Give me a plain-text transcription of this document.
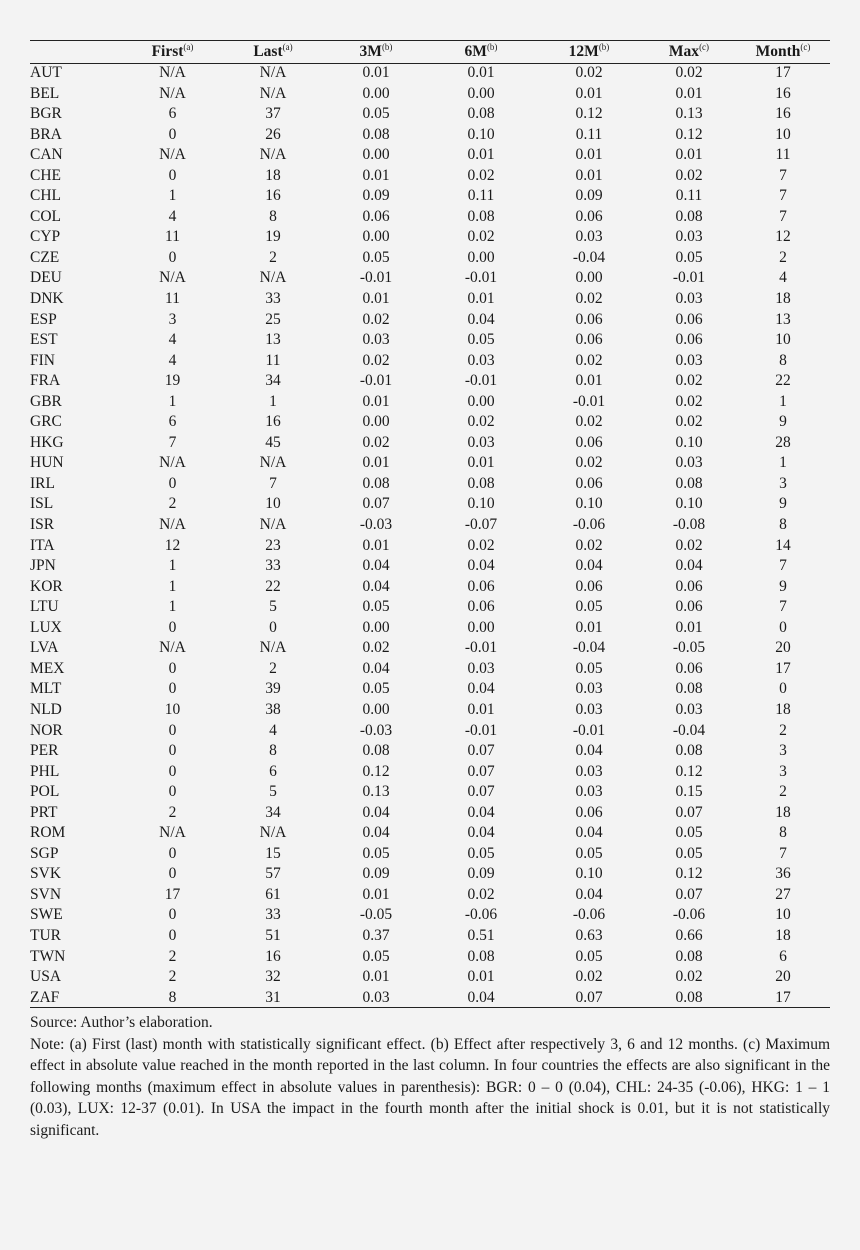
	First$^{(a)}$	Last$^{(a)}$	$3M^{(b)}$	$6M^{(b)}$	$12M^{(b)}$	Max$^{(c)}$	Month$^{(c)}$
AUT	N/A	N/A	0.01	0.01	0.02	0.02	17
BEL	N/A	N/A	0.00	0.00	0.01	0.01	16
BGR	6	37	0.05	0.08	0.12	0.13	16
BRA	0	26	0.08	0.10	0.11	0.12	10
CAN	N/A	N/A	0.00	0.01	0.01	0.01	11
CHE	0	18	0.01	0.02	0.01	0.02	7
CHL	1	16	0.09	0.11	0.09	0.11	7
COL	4	8	0.06	0.08	0.06	0.08	7
CYP	11	19	0.00	0.02	0.03	0.03	12
CZE	0	2	0.05	0.00	-0.04	0.05	2
DEU	N/A	N/A	-0.01	-0.01	0.00	-0.01	4
DNK	11	33	0.01	0.01	0.02	0.03	18
ESP	3	25	0.02	0.04	0.06	0.06	13
EST	4	13	0.03	0.05	0.06	0.06	10
FIN	4	11	0.02	0.03	0.02	0.03	8
FRA	19	34	-0.01	-0.01	0.01	0.02	22
GBR	1	1	0.01	0.00	-0.01	0.02	1
GRC	6	16	0.00	0.02	0.02	0.02	9
HKG	7	45	0.02	0.03	0.06	0.10	28
HUN	N/A	N/A	0.01	0.01	0.02	0.03	1
IRL	0	7	0.08	0.08	0.06	0.08	3
ISL	2	10	0.07	0.10	0.10	0.10	9
ISR	N/A	N/A	-0.03	-0.07	-0.06	-0.08	8
ITA	12	23	0.01	0.02	0.02	0.02	14
JPN	1	33	0.04	0.04	0.04	0.04	7
KOR	1	22	0.04	0.06	0.06	0.06	9
LTU	1	5	0.05	0.06	0.05	0.06	7
LUX	0	0	0.00	0.00	0.01	0.01	0
LVA	N/A	N/A	0.02	-0.01	-0.04	-0.05	20
MEX	0	2	0.04	0.03	0.05	0.06	17
MLT	0	39	0.05	0.04	0.03	0.08	0
NLD	10	38	0.00	0.01	0.03	0.03	18
NOR	0	4	-0.03	-0.01	-0.01	-0.04	2
PER	0	8	0.08	0.07	0.04	0.08	3
PHL	0	6	0.12	0.07	0.03	0.12	3
POL	0	5	0.13	0.07	0.03	0.15	2
PRT	2	34	0.04	0.04	0.06	0.07	18
ROM	N/A	N/A	0.04	0.04	0.04	0.05	8
SGP	0	15	0.05	0.05	0.05	0.05	7
SVK	0	57	0.09	0.09	0.10	0.12	36
SVN	17	61	0.01	0.02	0.04	0.07	27
SWE	0	33	-0.05	-0.06	-0.06	-0.06	10
TUR	0	51	0.37	0.51	0.63	0.66	18
TWN	2	16	0.05	0.08	0.05	0.08	6
USA	2	32	0.01	0.01	0.02	0.02	20
ZAF	8	31	0.03	0.04	0.07	0.08	17

Source: Author’s elaboration.

Note: (a) First (last) month with statistically significant effect. (b) Effect after respectively 3, 6 and 12 months. (c) Maximum effect in absolute value reached in the month reported in the last column. In four countries the effects are also significant in the following months (maximum effect in absolute values in parenthesis): BGR: 0 – 0 (0.04), CHL: 24-35 (-0.06), HKG: 1 – 1 (0.03), LUX: 12-37 (0.01). In USA the impact in the fourth month after the initial shock is 0.01, but it is not statistically significant.
